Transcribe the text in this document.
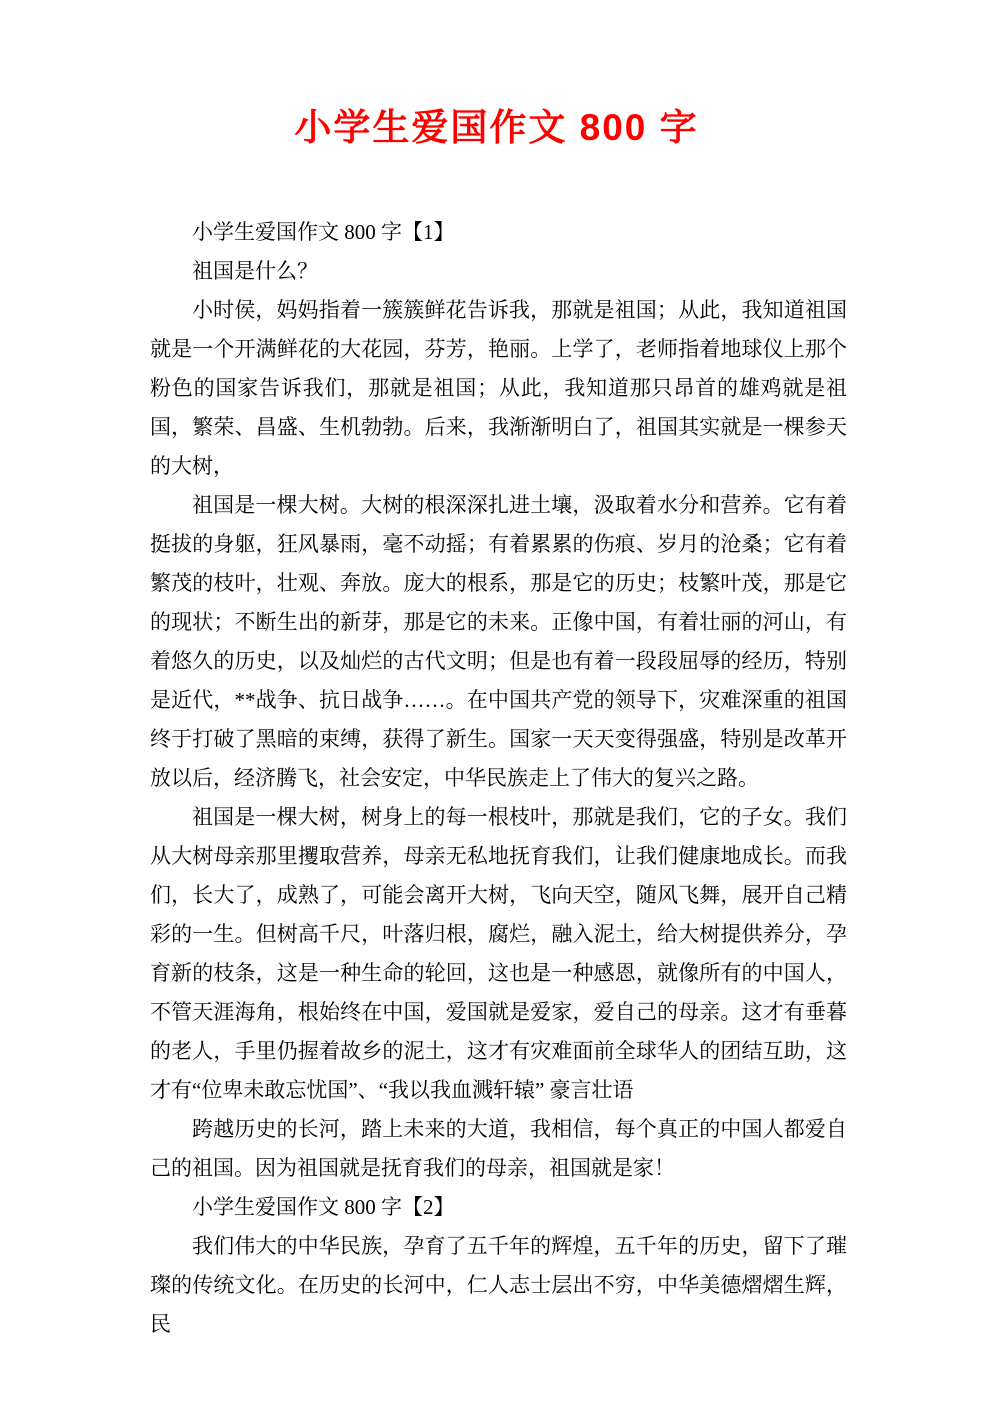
小学生爱国作文 800 字

小学生爱国作文 800 字【1】

祖国是什么？

小时侯，妈妈指着一簇簇鲜花告诉我，那就是祖国；从此，我知道祖国就是一个开满鲜花的大花园，芬芳，艳丽。上学了，老师指着地球仪上那个粉色的国家告诉我们，那就是祖国；从此，我知道那只昂首的雄鸡就是祖国，繁荣、昌盛、生机勃勃。后来，我渐渐明白了，祖国其实就是一棵参天的大树，

祖国是一棵大树。大树的根深深扎进土壤，汲取着水分和营养。它有着挺拔的身躯，狂风暴雨，毫不动摇；有着累累的伤痕、岁月的沧桑；它有着繁茂的枝叶，壮观、奔放。庞大的根系，那是它的历史；枝繁叶茂，那是它的现状；不断生出的新芽，那是它的未来。正像中国，有着壮丽的河山，有着悠久的历史，以及灿烂的古代文明；但是也有着一段段屈辱的经历，特别是近代，**战争、抗日战争……。在中国共产党的领导下，灾难深重的祖国终于打破了黑暗的束缚，获得了新生。国家一天天变得强盛，特别是改革开放以后，经济腾飞，社会安定，中华民族走上了伟大的复兴之路。

祖国是一棵大树，树身上的每一根枝叶，那就是我们，它的子女。我们从大树母亲那里攫取营养，母亲无私地抚育我们，让我们健康地成长。而我们，长大了，成熟了，可能会离开大树，飞向天空，随风飞舞，展开自己精彩的一生。但树高千尺，叶落归根，腐烂，融入泥土，给大树提供养分，孕育新的枝条，这是一种生命的轮回，这也是一种感恩，就像所有的中国人，不管天涯海角，根始终在中国，爱国就是爱家，爱自己的母亲。这才有垂暮的老人，手里仍握着故乡的泥土，这才有灾难面前全球华人的团结互助，这才有“位卑未敢忘忧国”、“我以我血溅轩辕” 豪言壮语

跨越历史的长河，踏上未来的大道，我相信，每个真正的中国人都爱自己的祖国。因为祖国就是抚育我们的母亲，祖国就是家！

小学生爱国作文 800 字【2】

我们伟大的中华民族，孕育了五千年的辉煌，五千年的历史，留下了璀璨的传统文化。在历史的长河中，仁人志士层出不穷，中华美德熠熠生辉，民
